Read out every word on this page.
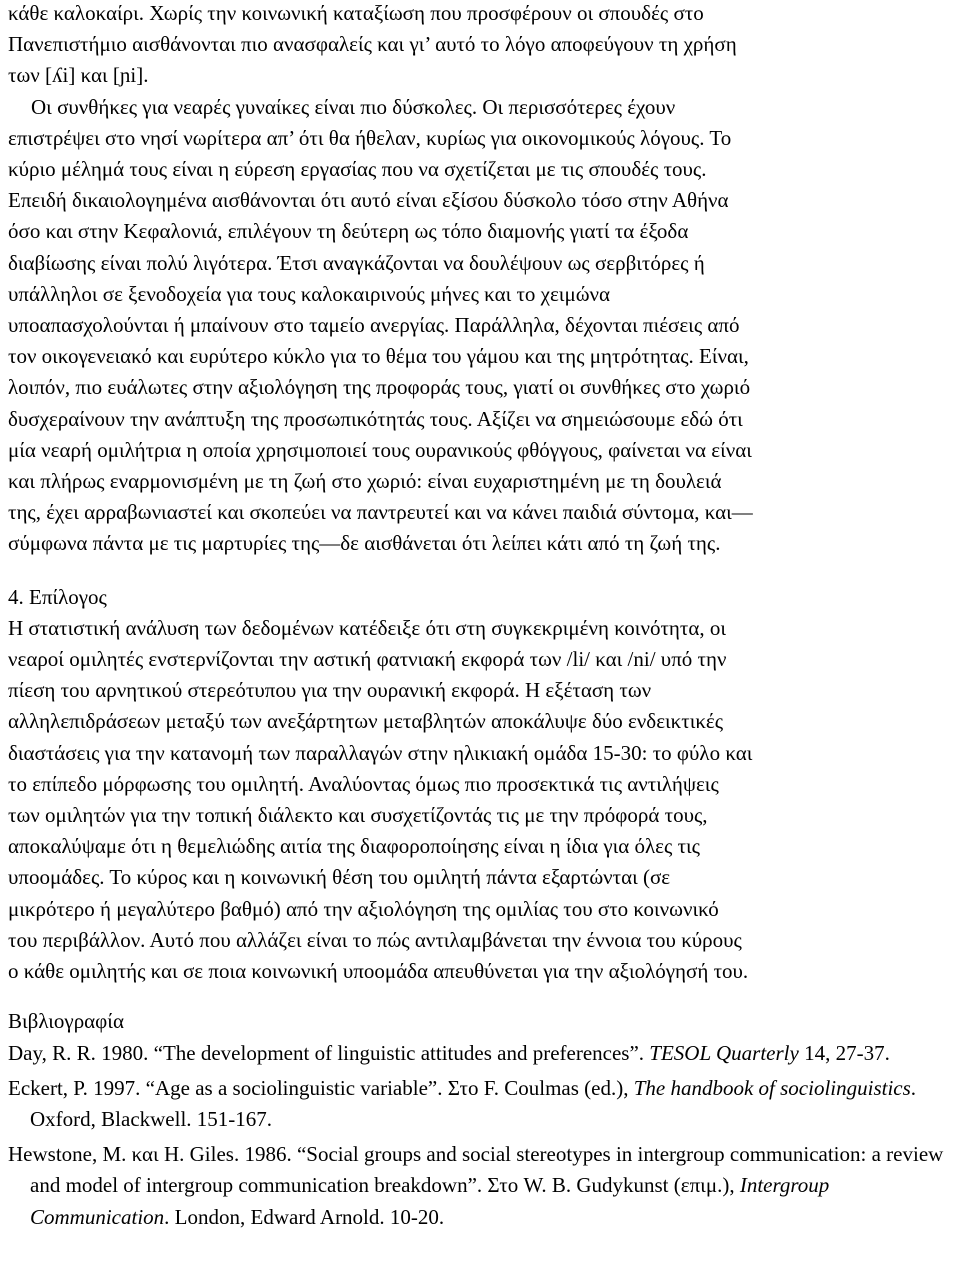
κάθε καλοκαίρι. Χωρίς την κοινωνική καταξίωση που προσφέρουν οι σπουδές στο
Πανεπιστήμιο αισθάνονται πιο ανασφαλείς και γι’ αυτό το λόγο αποφεύγουν τη χρήση
των [ʎi] και [ɲi].

Οι συνθήκες για νεαρές γυναίκες είναι πιο δύσκολες. Οι περισσότερες έχουν
επιστρέψει στο νησί νωρίτερα απ’ ότι θα ήθελαν, κυρίως για οικονομικούς λόγους. Το
κύριο μέλημά τους είναι η εύρεση εργασίας που να σχετίζεται με τις σπουδές τους.
Επειδή δικαιολογημένα αισθάνονται ότι αυτό είναι εξίσου δύσκολο τόσο στην Αθήνα
όσο και στην Κεφαλονιά, επιλέγουν τη δεύτερη ως τόπο διαμονής γιατί τα έξοδα
διαβίωσης είναι πολύ λιγότερα. Έτσι αναγκάζονται να δουλέψουν ως σερβιτόρες ή
υπάλληλοι σε ξενοδοχεία για τους καλοκαιρινούς μήνες και το χειμώνα
υποαπασχολούνται ή μπαίνουν στο ταμείο ανεργίας. Παράλληλα, δέχονται πιέσεις από
τον οικογενειακό και ευρύτερο κύκλο για το θέμα του γάμου και της μητρότητας. Είναι,
λοιπόν, πιο ευάλωτες στην αξιολόγηση της προφοράς τους, γιατί οι συνθήκες στο χωριό
δυσχεραίνουν την ανάπτυξη της προσωπικότητάς τους. Αξίζει να σημειώσουμε εδώ ότι
μία νεαρή ομιλήτρια η οποία χρησιμοποιεί τους ουρανικούς φθόγγους, φαίνεται να είναι
και πλήρως εναρμονισμένη με τη ζωή στο χωριό: είναι ευχαριστημένη με τη δουλειά
της, έχει αρραβωνιαστεί και σκοπεύει να παντρευτεί και να κάνει παιδιά σύντομα, και—
σύμφωνα πάντα με τις μαρτυρίες της—δε αισθάνεται ότι λείπει κάτι από τη ζωή της.

4. Επίλογος

Η στατιστική ανάλυση των δεδομένων κατέδειξε ότι στη συγκεκριμένη κοινότητα, οι
νεαροί ομιλητές ενστερνίζονται την αστική φατνιακή εκφορά των /li/ και /ni/ υπό την
πίεση του αρνητικού στερεότυπου για την ουρανική εκφορά. Η εξέταση των
αλληλεπιδράσεων μεταξύ των ανεξάρτητων μεταβλητών αποκάλυψε δύο ενδεικτικές
διαστάσεις για την κατανομή των παραλλαγών στην ηλικιακή ομάδα 15-30: το φύλο και
το επίπεδο μόρφωσης του ομιλητή. Αναλύοντας όμως πιο προσεκτικά τις αντιλήψεις
των ομιλητών για την τοπική διάλεκτο και συσχετίζοντάς τις με την πρόφορά τους,
αποκαλύψαμε ότι η θεμελιώδης αιτία της διαφοροποίησης είναι η ίδια για όλες τις
υποομάδες. Το κύρος και η κοινωνική θέση του ομιλητή πάντα εξαρτώνται (σε
μικρότερο ή μεγαλύτερο βαθμό) από την αξιολόγηση της ομιλίας του στο κοινωνικό
του περιβάλλον. Αυτό που αλλάζει είναι το πώς αντιλαμβάνεται την έννοια του κύρους
ο κάθε ομιλητής και σε ποια κοινωνική υποομάδα απευθύνεται για την αξιολόγησή του.

Βιβλιογραφία

Day, R. R. 1980. “The development of linguistic attitudes and preferences”. TESOL Quarterly 14, 27-37.

Eckert, P. 1997. “Age as a sociolinguistic variable”. Στο F. Coulmas (ed.), The handbook of sociolinguistics. Oxford, Blackwell. 151-167.

Hewstone, M. και H. Giles. 1986. “Social groups and social stereotypes in intergroup communication: a review and model of intergroup communication breakdown”. Στο W. B. Gudykunst (επιμ.), Intergroup Communication. London, Edward Arnold. 10-20.
